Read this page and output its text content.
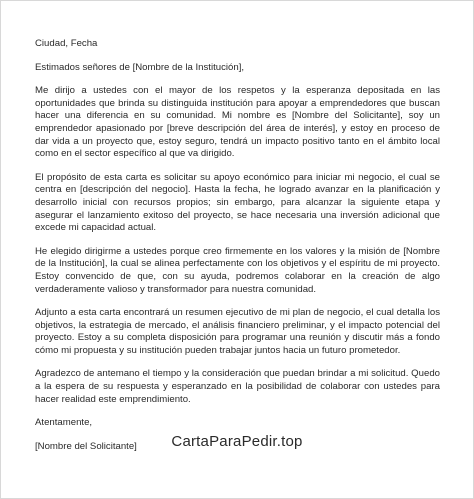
Ciudad, Fecha

Estimados señores de [Nombre de la Institución],

Me dirijo a ustedes con el mayor de los respetos y la esperanza depositada en las oportunidades que brinda su distinguida institución para apoyar a emprendedores que buscan hacer una diferencia en su comunidad. Mi nombre es [Nombre del Solicitante], soy un emprendedor apasionado por [breve descripción del área de interés], y estoy en proceso de dar vida a un proyecto que, estoy seguro, tendrá un impacto positivo tanto en el ámbito local como en el sector específico al que va dirigido.

El propósito de esta carta es solicitar su apoyo económico para iniciar mi negocio, el cual se centra en [descripción del negocio]. Hasta la fecha, he logrado avanzar en la planificación y desarrollo inicial con recursos propios; sin embargo, para alcanzar la siguiente etapa y asegurar el lanzamiento exitoso del proyecto, se hace necesaria una inversión adicional que excede mi capacidad actual.

He elegido dirigirme a ustedes porque creo firmemente en los valores y la misión de [Nombre de la Institución], la cual se alinea perfectamente con los objetivos y el espíritu de mi proyecto. Estoy convencido de que, con su ayuda, podremos colaborar en la creación de algo verdaderamente valioso y transformador para nuestra comunidad.

Adjunto a esta carta encontrará un resumen ejecutivo de mi plan de negocio, el cual detalla los objetivos, la estrategia de mercado, el análisis financiero preliminar, y el impacto potencial del proyecto. Estoy a su completa disposición para programar una reunión y discutir más a fondo cómo mi propuesta y su institución pueden trabajar juntos hacia un futuro prometedor.

Agradezco de antemano el tiempo y la consideración que puedan brindar a mi solicitud. Quedo a la espera de su respuesta y esperanzado en la posibilidad de colaborar con ustedes para hacer realidad este emprendimiento.

Atentamente,

[Nombre del Solicitante]	CartaParaPedir.top
